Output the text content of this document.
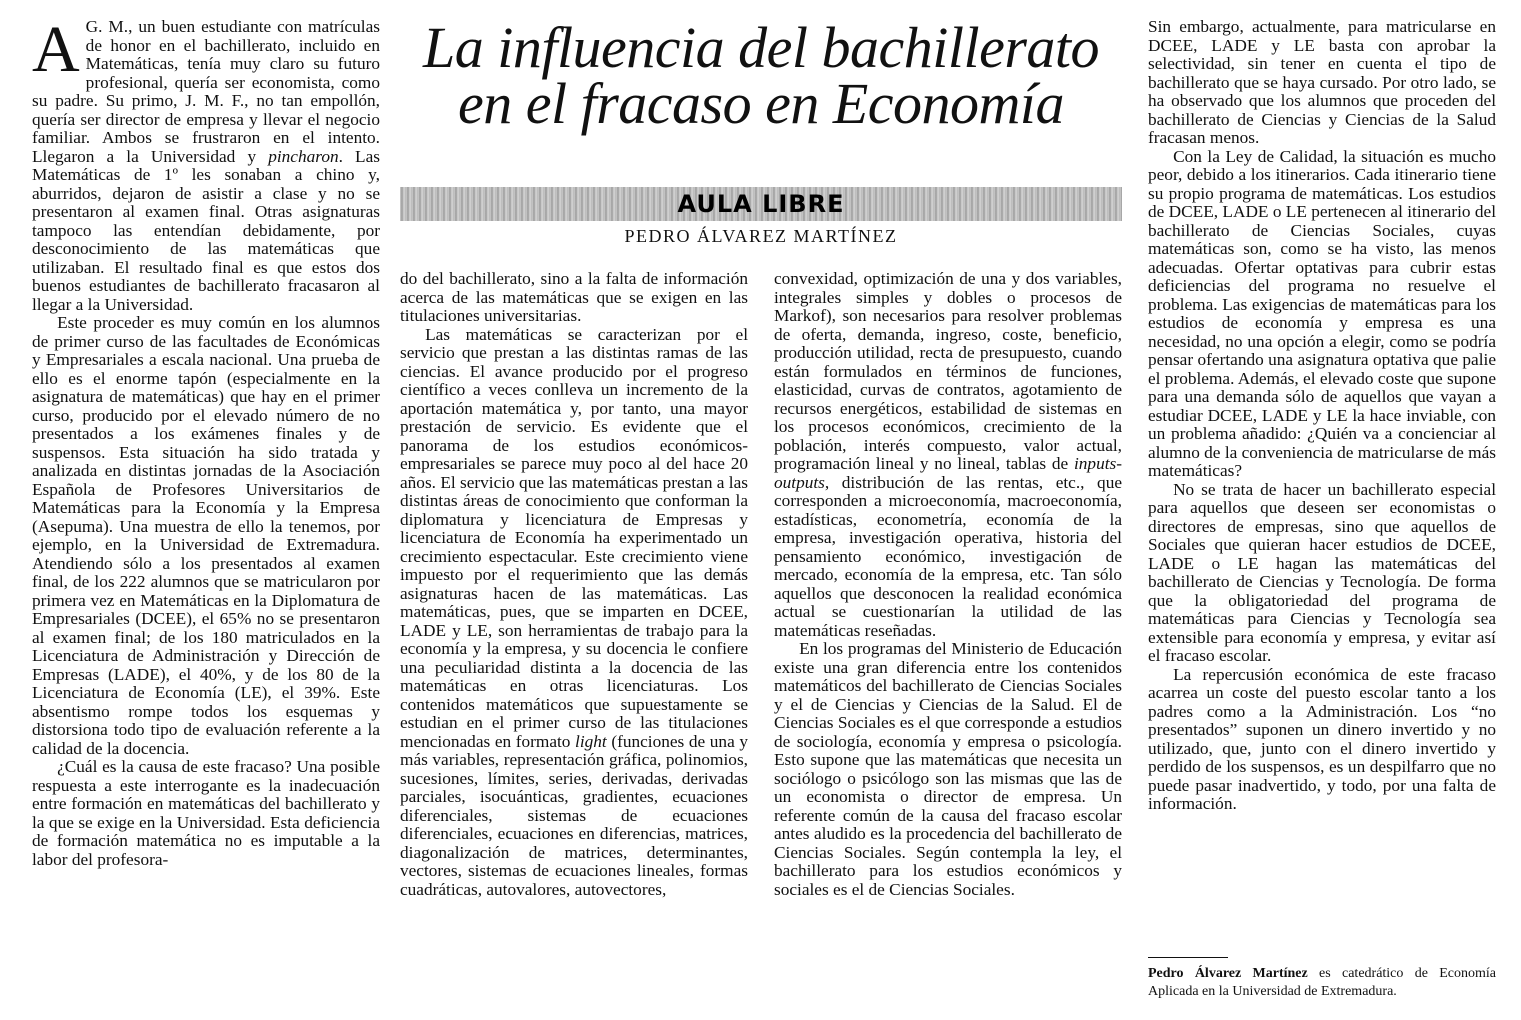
La influencia del bachillerato
en el fracaso en Economía
AULA LIBRE
PEDRO ÁLVAREZ MARTÍNEZ

A G. M., un buen estudiante con matrículas de honor en el bachillerato, incluido en Matemáticas, tenía muy claro su futuro profesional, quería ser economista, como su padre. Su primo, J. M. F., no tan empollón, quería ser director de empresa y llevar el negocio familiar. Ambos se frustraron en el intento. Llegaron a la Universidad y pincharon. Las Matemáticas de 1º les sonaban a chino y, aburridos, dejaron de asistir a clase y no se presentaron al examen final. Otras asignaturas tampoco las entendían debidamente, por desconocimiento de las matemáticas que utilizaban. El resultado final es que estos dos buenos estudiantes de bachillerato fracasaron al llegar a la Universidad.

Este proceder es muy común en los alumnos de primer curso de las facultades de Económicas y Empresariales a escala nacional. Una prueba de ello es el enorme tapón (especialmente en la asignatura de matemáticas) que hay en el primer curso, producido por el elevado número de no presentados a los exámenes finales y de suspensos. Esta situación ha sido tratada y analizada en distintas jornadas de la Asociación Española de Profesores Universitarios de Matemáticas para la Economía y la Empresa (Asepuma). Una muestra de ello la tenemos, por ejemplo, en la Universidad de Extremadura. Atendiendo sólo a los presentados al examen final, de los 222 alumnos que se matricularon por primera vez en Matemáticas en la Diplomatura de Empresariales (DCEE), el 65% no se presentaron al examen final; de los 180 matriculados en la Licenciatura de Administración y Dirección de Empresas (LADE), el 40%, y de los 80 de la Licenciatura de Economía (LE), el 39%. Este absentismo rompe todos los esquemas y distorsiona todo tipo de evaluación referente a la calidad de la docencia.

¿Cuál es la causa de este fracaso? Una posible respuesta a este interrogante es la inadecuación entre formación en matemáticas del bachillerato y la que se exige en la Universidad. Esta deficiencia de formación matemática no es imputable a la labor del profesora-

do del bachillerato, sino a la falta de información acerca de las matemáticas que se exigen en las titulaciones universitarias.

Las matemáticas se caracterizan por el servicio que prestan a las distintas ramas de las ciencias. El avance producido por el progreso científico a veces conlleva un incremento de la aportación matemática y, por tanto, una mayor prestación de servicio. Es evidente que el panorama de los estudios económicos-empresariales se parece muy poco al del hace 20 años. El servicio que las matemáticas prestan a las distintas áreas de conocimiento que conforman la diplomatura y licenciatura de Empresas y licenciatura de Economía ha experimentado un crecimiento espectacular. Este crecimiento viene impuesto por el requerimiento que las demás asignaturas hacen de las matemáticas. Las matemáticas, pues, que se imparten en DCEE, LADE y LE, son herramientas de trabajo para la economía y la empresa, y su docencia le confiere una peculiaridad distinta a la docencia de las matemáticas en otras licenciaturas. Los contenidos matemáticos que supuestamente se estudian en el primer curso de las titulaciones mencionadas en formato light (funciones de una y más variables, representación gráfica, polinomios, sucesiones, límites, series, derivadas, derivadas parciales, isocuánticas, gradientes, ecuaciones diferenciales, sistemas de ecuaciones diferenciales, ecuaciones en diferencias, matrices, diagonalización de matrices, determinantes, vectores, sistemas de ecuaciones lineales, formas cuadráticas, autovalores, autovectores,

convexidad, optimización de una y dos variables, integrales simples y dobles o procesos de Markof), son necesarios para resolver problemas de oferta, demanda, ingreso, coste, beneficio, producción utilidad, recta de presupuesto, cuando están formulados en términos de funciones, elasticidad, curvas de contratos, agotamiento de recursos energéticos, estabilidad de sistemas en los procesos económicos, crecimiento de la población, interés compuesto, valor actual, programación lineal y no lineal, tablas de inputs-outputs, distribución de las rentas, etc., que corresponden a microeconomía, macroeconomía, estadísticas, econometría, economía de la empresa, investigación operativa, historia del pensamiento económico, investigación de mercado, economía de la empresa, etc. Tan sólo aquellos que desconocen la realidad económica actual se cuestionarían la utilidad de las matemáticas reseñadas.

En los programas del Ministerio de Educación existe una gran diferencia entre los contenidos matemáticos del bachillerato de Ciencias Sociales y el de Ciencias y Ciencias de la Salud. El de Ciencias Sociales es el que corresponde a estudios de sociología, economía y empresa o psicología. Esto supone que las matemáticas que necesita un sociólogo o psicólogo son las mismas que las de un economista o director de empresa. Un referente común de la causa del fracaso escolar antes aludido es la procedencia del bachillerato de Ciencias Sociales. Según contempla la ley, el bachillerato para los estudios económicos y sociales es el de Ciencias Sociales.

Sin embargo, actualmente, para matricularse en DCEE, LADE y LE basta con aprobar la selectividad, sin tener en cuenta el tipo de bachillerato que se haya cursado. Por otro lado, se ha observado que los alumnos que proceden del bachillerato de Ciencias y Ciencias de la Salud fracasan menos.

Con la Ley de Calidad, la situación es mucho peor, debido a los itinerarios. Cada itinerario tiene su propio programa de matemáticas. Los estudios de DCEE, LADE o LE pertenecen al itinerario del bachillerato de Ciencias Sociales, cuyas matemáticas son, como se ha visto, las menos adecuadas. Ofertar optativas para cubrir estas deficiencias del programa no resuelve el problema. Las exigencias de matemáticas para los estudios de economía y empresa es una necesidad, no una opción a elegir, como se podría pensar ofertando una asignatura optativa que palie el problema. Además, el elevado coste que supone para una demanda sólo de aquellos que vayan a estudiar DCEE, LADE y LE la hace inviable, con un problema añadido: ¿Quién va a concienciar al alumno de la conveniencia de matricularse de más matemáticas?

No se trata de hacer un bachillerato especial para aquellos que deseen ser economistas o directores de empresas, sino que aquellos de Sociales que quieran hacer estudios de DCEE, LADE o LE hagan las matemáticas del bachillerato de Ciencias y Tecnología. De forma que la obligatoriedad del programa de matemáticas para Ciencias y Tecnología sea extensible para economía y empresa, y evitar así el fracaso escolar.

La repercusión económica de este fracaso acarrea un coste del puesto escolar tanto a los padres como a la Administración. Los “no presentados” suponen un dinero invertido y no utilizado, que, junto con el dinero invertido y perdido de los suspensos, es un despilfarro que no puede pasar inadvertido, y todo, por una falta de información.

Pedro Álvarez Martínez es catedrático de Economía Aplicada en la Universidad de Extremadura.
